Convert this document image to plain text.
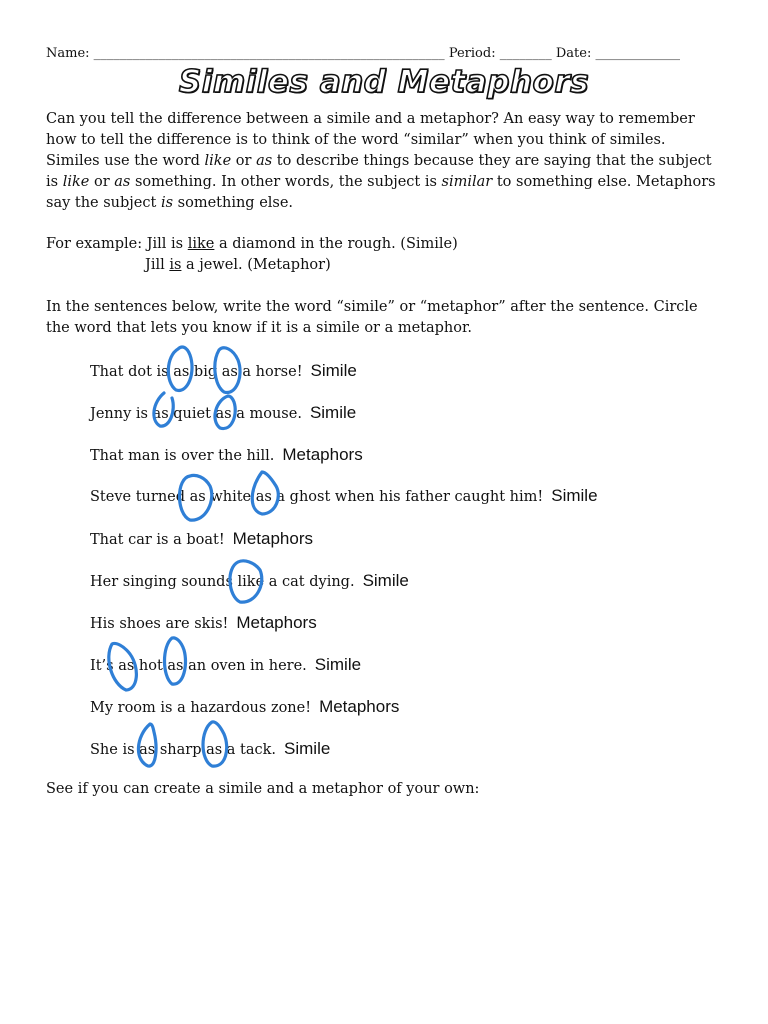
Name: ______________________________________________________ Period: ________ Date: _____________
Similes and Metaphors
Can you tell the difference between a simile and a metaphor? An easy way to remember how to tell the difference is to think of the word “similar” when you think of similes. Similes use the word like or as to describe things because they are saying that the subject is like or as something. In other words, the subject is similar to something else. Metaphors say the subject is something else.
For example: Jill is like a diamond in the rough. (Simile)
Jill is a jewel. (Metaphor)
In the sentences below, write the word “simile” or “metaphor” after the sentence. Circle the word that lets you know if it is a simile or a metaphor.
That dot is as big as a horse! Simile
Jenny is as quiet as a mouse. Simile
That man is over the hill. Metaphors
Steve turned as white as a ghost when his father caught him! Simile
That car is a boat! Metaphors
Her singing sounds like a cat dying. Simile
His shoes are skis! Metaphors
It’s as hot as an oven in here. Simile
My room is a hazardous zone! Metaphors
She is as sharp as a tack. Simile
See if you can create a simile and a metaphor of your own:
